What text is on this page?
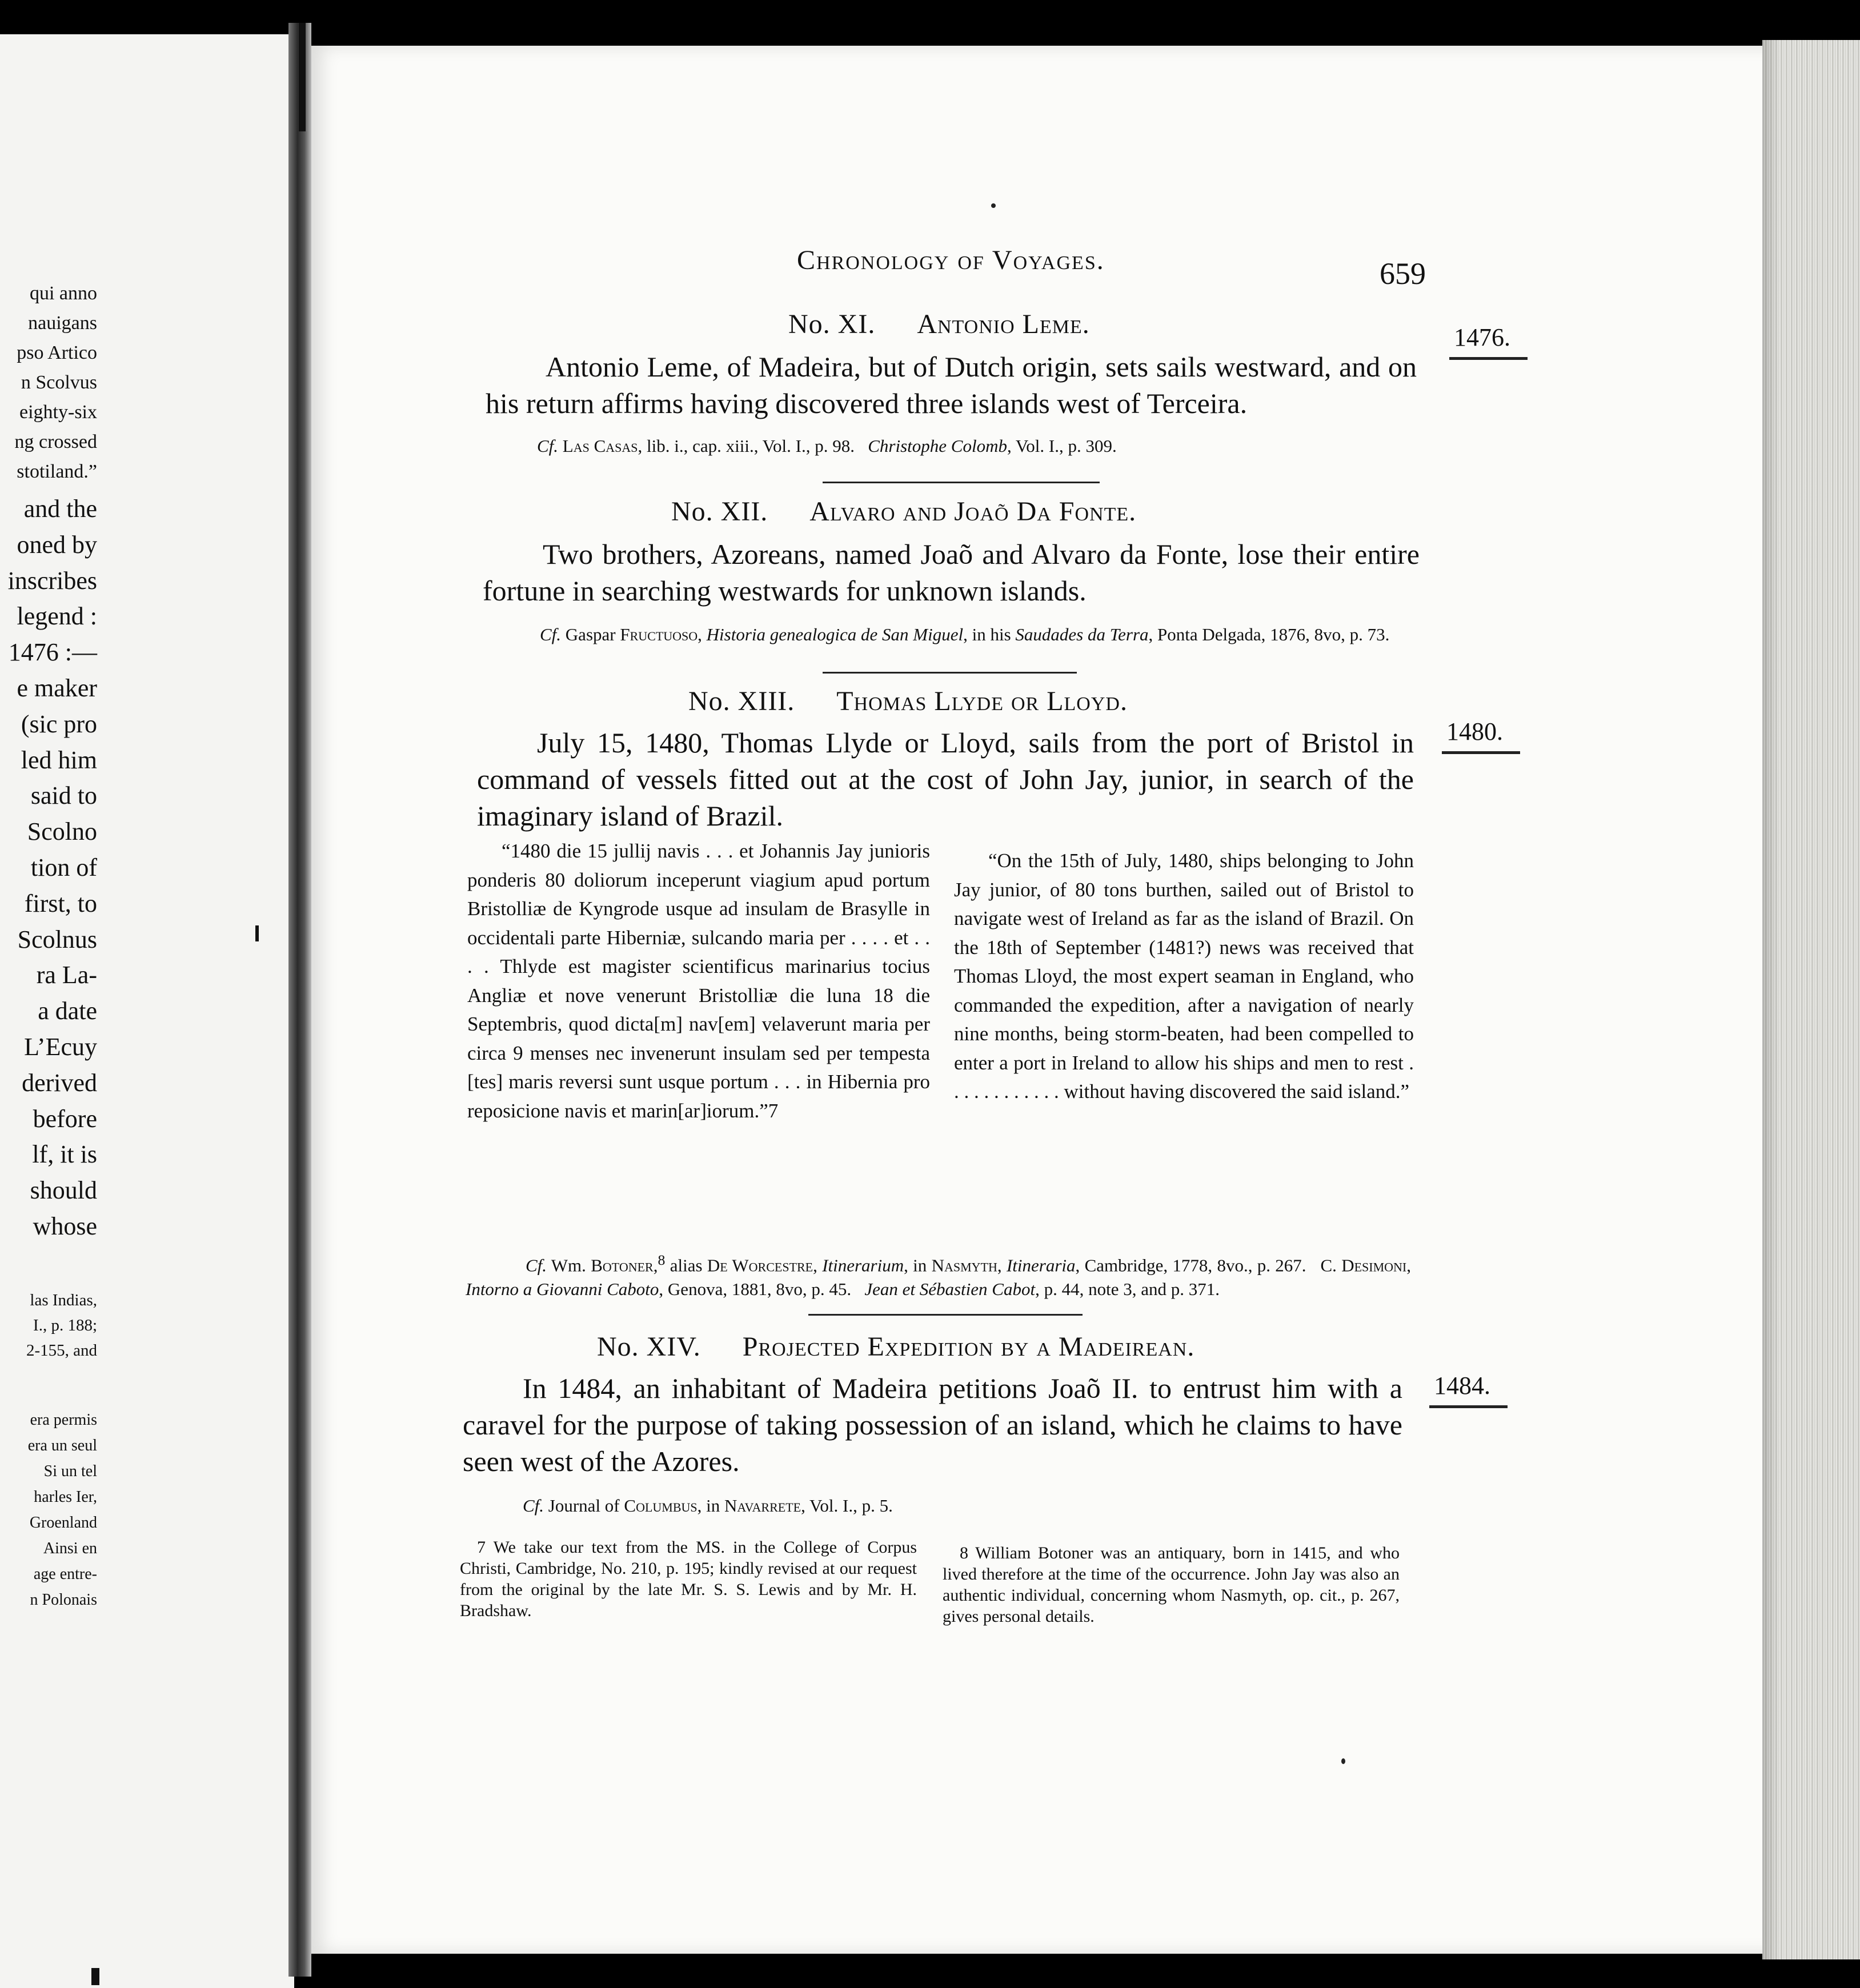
qui anno
nauigans
pso Artico
n Scolvus
eighty-six
ng crossed
stotiland.”
and the
oned by
inscribes
legend :
1476 :—
e maker
(sic pro
led him
said to
Scolno
tion of
first, to
Scolnus
ra La-
a date
L’Ecuy
derived
before
lf, it is
should
whose
las Indias,
I., p. 188;
2-155, and
era permis
era un seul
Si un tel
harles Ier,
Groenland
Ainsi en
age entre-
n Polonais
Chronology of Voyages.	659
1476.
1480.
1484.
No. XI. Antonio Leme.
Antonio Leme, of Madeira, but of Dutch origin, sets sails westward, and on his return affirms having discovered three islands west of Terceira.
Cf. Las Casas, lib. i., cap. xiii., Vol. I., p. 98.   Christophe Colomb, Vol. I., p. 309.
No. XII. Alvaro and Joaõ Da Fonte.
Two brothers, Azoreans, named Joaõ and Alvaro da Fonte, lose their entire fortune in searching westwards for unknown islands.
Cf. Gaspar Fructuoso, Historia genealogica de San Miguel, in his Saudades da Terra, Ponta Delgada, 1876, 8vo, p. 73.
No. XIII. Thomas Llyde or Lloyd.
July 15, 1480, Thomas Llyde or Lloyd, sails from the port of Bristol in command of vessels fitted out at the cost of John Jay, junior, in search of the imaginary island of Brazil.
“1480 die 15 jullij navis . . . et Johannis Jay junioris ponderis 80 doliorum inceperunt viagium apud portum Bristolliæ de Kyngrode usque ad insulam de Brasylle in occidentali parte Hiberniæ, sulcando maria per . . . . et . . . . Thlyde est magister scientificus marinarius tocius Angliæ et nove venerunt Bristolliæ die luna 18 die Septembris, quod dicta[m] nav[em] velaverunt maria per circa 9 menses nec invenerunt insulam sed per tempesta [tes] maris reversi sunt usque portum . . . in Hibernia pro reposicione navis et marin[ar]iorum.”7
“On the 15th of July, 1480, ships belonging to John Jay junior, of 80 tons burthen, sailed out of Bristol to navigate west of Ireland as far as the island of Brazil. On the 18th of September (1481?) news was received that Thomas Lloyd, the most expert seaman in England, who commanded the expedition, after a navigation of nearly nine months, being storm-beaten, had been compelled to enter a port in Ireland to allow his ships and men to rest . . . . . . . . . . . . without having discovered the said island.”
Cf. Wm. Botoner,$^8$ alias De Worcestre, Itinerarium, in Nasmyth, Itineraria, Cambridge, 1778, 8vo., p. 267.   C. Desimoni, Intorno a Giovanni Caboto, Genova, 1881, 8vo, p. 45.   Jean et Sébastien Cabot, p. 44, note 3, and p. 371.
No. XIV. Projected Expedition by a Madeirean.
In 1484, an inhabitant of Madeira petitions Joaõ II. to entrust him with a caravel for the purpose of taking possession of an island, which he claims to have seen west of the Azores.
Cf. Journal of Columbus, in Navarrete, Vol. I., p. 5.
7 We take our text from the MS. in the College of Corpus Christi, Cambridge, No. 210, p. 195; kindly revised at our request from the original by the late Mr. S. S. Lewis and by Mr. H. Bradshaw.
8 William Botoner was an antiquary, born in 1415, and who lived therefore at the time of the occurrence. John Jay was also an authentic individual, concerning whom Nasmyth, op. cit., p. 267, gives personal details.
